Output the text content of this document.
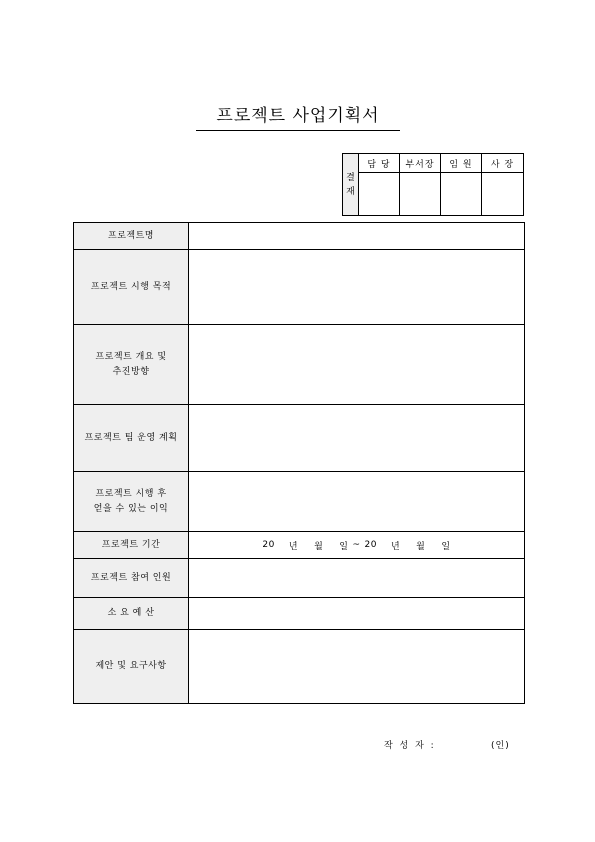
프로젝트 사업기획서
결
재
담 당	부서장	임 원	사 장
프로젝트명
프로젝트 시행 목적
프로젝트 개요 및
추진방향
프로젝트 팀 운영 계획
프로젝트 시행 후
얻을 수 있는 이익
프로젝트 기간	20 년 월 일 ~ 20 년 월 일
프로젝트 참여 인원
소 요 예 산
제안 및 요구사항
작 성 자 :	(인)
